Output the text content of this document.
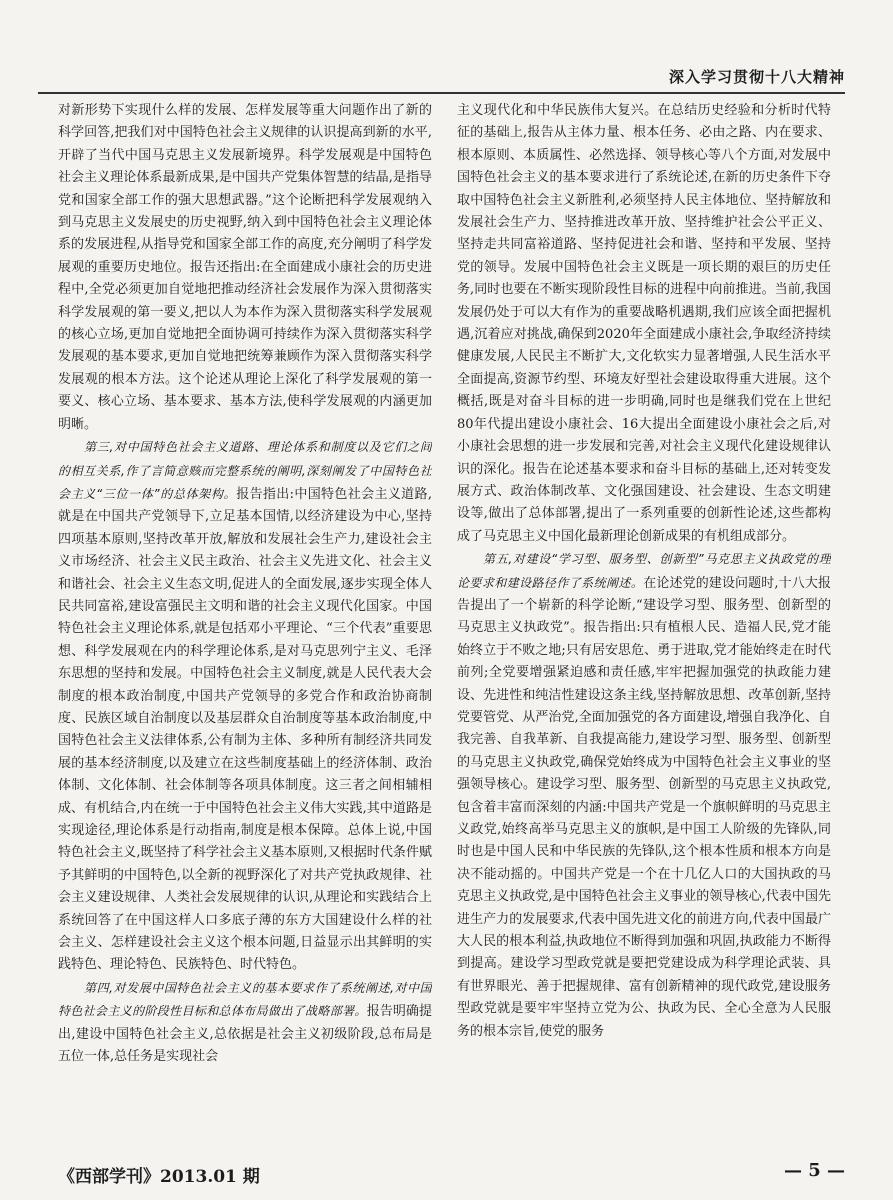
深入学习贯彻十八大精神

对新形势下实现什么样的发展、怎样发展等重大问题作出了新的科学回答,把我们对中国特色社会主义规律的认识提高到新的水平,开辟了当代中国马克思主义发展新境界。科学发展观是中国特色社会主义理论体系最新成果,是中国共产党集体智慧的结晶,是指导党和国家全部工作的强大思想武器。”这个论断把科学发展观纳入到马克思主义发展史的历史视野,纳入到中国特色社会主义理论体系的发展进程,从指导党和国家全部工作的高度,充分阐明了科学发展观的重要历史地位。报告还指出:在全面建成小康社会的历史进程中,全党必须更加自觉地把推动经济社会发展作为深入贯彻落实科学发展观的第一要义,把以人为本作为深入贯彻落实科学发展观的核心立场,更加自觉地把全面协调可持续作为深入贯彻落实科学发展观的基本要求,更加自觉地把统筹兼顾作为深入贯彻落实科学发展观的根本方法。这个论述从理论上深化了科学发展观的第一要义、核心立场、基本要求、基本方法,使科学发展观的内涵更加明晰。

第三,对中国特色社会主义道路、理论体系和制度以及它们之间的相互关系,作了言简意赅而完整系统的阐明,深刻阐发了中国特色社会主义“三位一体”的总体架构。报告指出:中国特色社会主义道路,就是在中国共产党领导下,立足基本国情,以经济建设为中心,坚持四项基本原则,坚持改革开放,解放和发展社会生产力,建设社会主义市场经济、社会主义民主政治、社会主义先进文化、社会主义和谐社会、社会主义生态文明,促进人的全面发展,逐步实现全体人民共同富裕,建设富强民主文明和谐的社会主义现代化国家。中国特色社会主义理论体系,就是包括邓小平理论、“三个代表”重要思想、科学发展观在内的科学理论体系,是对马克思列宁主义、毛泽东思想的坚持和发展。中国特色社会主义制度,就是人民代表大会制度的根本政治制度,中国共产党领导的多党合作和政治协商制度、民族区域自治制度以及基层群众自治制度等基本政治制度,中国特色社会主义法律体系,公有制为主体、多种所有制经济共同发展的基本经济制度,以及建立在这些制度基础上的经济体制、政治体制、文化体制、社会体制等各项具体制度。这三者之间相辅相成、有机结合,内在统一于中国特色社会主义伟大实践,其中道路是实现途径,理论体系是行动指南,制度是根本保障。总体上说,中国特色社会主义,既坚持了科学社会主义基本原则,又根据时代条件赋予其鲜明的中国特色,以全新的视野深化了对共产党执政规律、社会主义建设规律、人类社会发展规律的认识,从理论和实践结合上系统回答了在中国这样人口多底子薄的东方大国建设什么样的社会主义、怎样建设社会主义这个根本问题,日益显示出其鲜明的实践特色、理论特色、民族特色、时代特色。

第四,对发展中国特色社会主义的基本要求作了系统阐述,对中国特色社会主义的阶段性目标和总体布局做出了战略部署。报告明确提出,建设中国特色社会主义,总依据是社会主义初级阶段,总布局是五位一体,总任务是实现社会

主义现代化和中华民族伟大复兴。在总结历史经验和分析时代特征的基础上,报告从主体力量、根本任务、必由之路、内在要求、根本原则、本质属性、必然选择、领导核心等八个方面,对发展中国特色社会主义的基本要求进行了系统论述,在新的历史条件下夺取中国特色社会主义新胜利,必须坚持人民主体地位、坚持解放和发展社会生产力、坚持推进改革开放、坚持维护社会公平正义、坚持走共同富裕道路、坚持促进社会和谐、坚持和平发展、坚持党的领导。发展中国特色社会主义既是一项长期的艰巨的历史任务,同时也要在不断实现阶段性目标的进程中向前推进。当前,我国发展仍处于可以大有作为的重要战略机遇期,我们应该全面把握机遇,沉着应对挑战,确保到2020年全面建成小康社会,争取经济持续健康发展,人民民主不断扩大,文化软实力显著增强,人民生活水平全面提高,资源节约型、环境友好型社会建设取得重大进展。这个概括,既是对奋斗目标的进一步明确,同时也是继我们党在上世纪80年代提出建设小康社会、16大提出全面建设小康社会之后,对小康社会思想的进一步发展和完善,对社会主义现代化建设规律认识的深化。报告在论述基本要求和奋斗目标的基础上,还对转变发展方式、政治体制改革、文化强国建设、社会建设、生态文明建设等,做出了总体部署,提出了一系列重要的创新性论述,这些都构成了马克思主义中国化最新理论创新成果的有机组成部分。

第五,对建设“学习型、服务型、创新型”马克思主义执政党的理论要求和建设路径作了系统阐述。在论述党的建设问题时,十八大报告提出了一个崭新的科学论断,“建设学习型、服务型、创新型的马克思主义执政党”。报告指出:只有植根人民、造福人民,党才能始终立于不败之地;只有居安思危、勇于进取,党才能始终走在时代前列;全党要增强紧迫感和责任感,牢牢把握加强党的执政能力建设、先进性和纯洁性建设这条主线,坚持解放思想、改革创新,坚持党要管党、从严治党,全面加强党的各方面建设,增强自我净化、自我完善、自我革新、自我提高能力,建设学习型、服务型、创新型的马克思主义执政党,确保党始终成为中国特色社会主义事业的坚强领导核心。建设学习型、服务型、创新型的马克思主义执政党,包含着丰富而深刻的内涵:中国共产党是一个旗帜鲜明的马克思主义政党,始终高举马克思主义的旗帜,是中国工人阶级的先锋队,同时也是中国人民和中华民族的先锋队,这个根本性质和根本方向是决不能动摇的。中国共产党是一个在十几亿人口的大国执政的马克思主义执政党,是中国特色社会主义事业的领导核心,代表中国先进生产力的发展要求,代表中国先进文化的前进方向,代表中国最广大人民的根本利益,执政地位不断得到加强和巩固,执政能力不断得到提高。建设学习型政党就是要把党建设成为科学理论武装、具有世界眼光、善于把握规律、富有创新精神的现代政党,建设服务型政党就是要牢牢坚持立党为公、执政为民、全心全意为人民服务的根本宗旨,使党的服务

《西部学刊》2013.01 期	— 5 —
